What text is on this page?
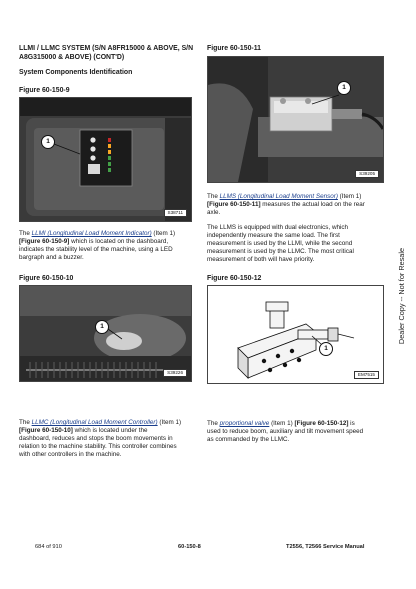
LLMI / LLMC SYSTEM (S/N A8FR15000 & ABOVE, S/N
A8G315000 & ABOVE) (CONT'D)
System Components Identification
Figure 60-150-9
1
S38711
The LLMI (Longitudinal Load Moment Indicator) (Item 1)
[Figure 60-150-9] which is located on the dashboard,
indicates the stability level of the machine, using a LED
bargraph and a buzzer.
Figure 60-150-10
1
S39226
The LLMC (Longitudinal Load Moment Controller) (Item 1)
[Figure 60-150-10] which is located under the
dashboard, reduces and stops the boom movements in
relation to the machine stability. This controller combines
with other controllers in the machine.
Figure 60-150-11
1
S39205
The LLMS (Longitudinal Load Moment Sensor) (Item 1)
[Figure 60-150-11] measures the actual load on the rear
axle.
The LLMS is equipped with dual electronics, which
independently measure the same load. The first
measurement is used by the LLMI, while the second
measurement is used by the LLMC. The most critical
measurement of both will have priority.
Figure 60-150-12
1
EM7515
The proportional valve (Item 1) [Figure 60-150-12] is
used to reduce boom, auxiliary and tilt movement speed
as commanded by the LLMC.
Dealer Copy -- Not for Resale
684 of 910	60-150-8	T2556, T2566 Service Manual
